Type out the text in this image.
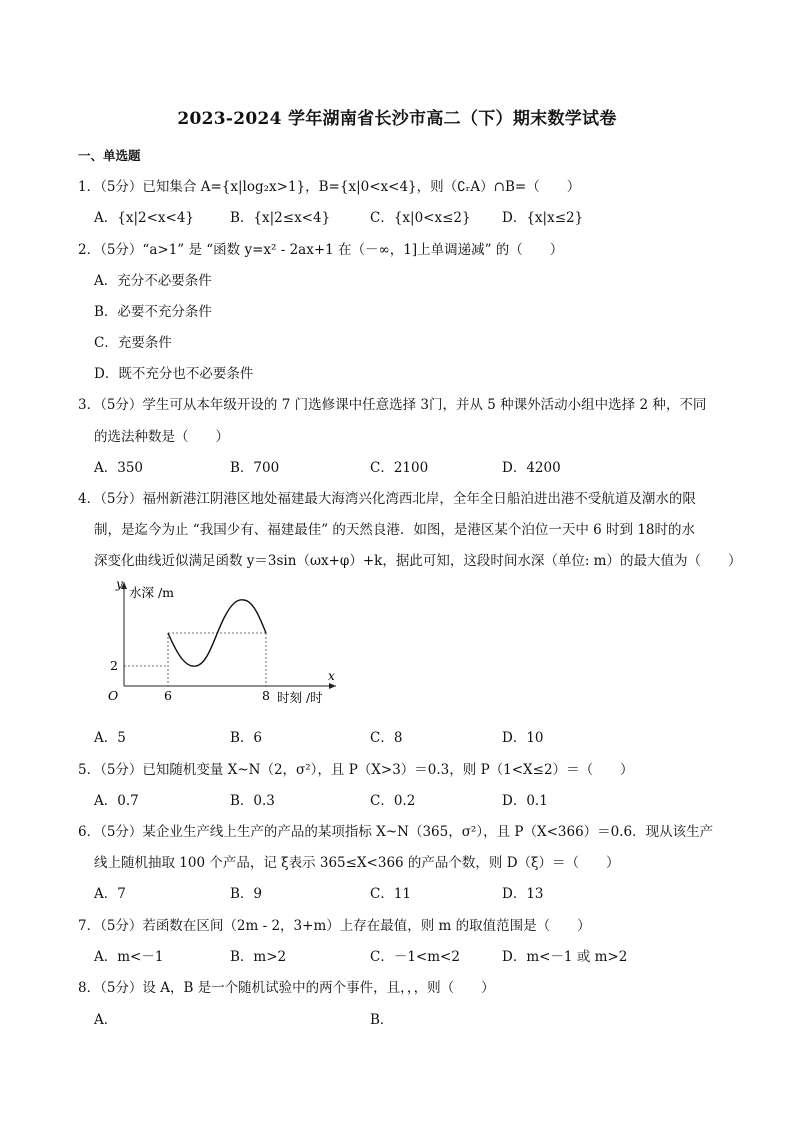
2023-2024 学年湖南省长沙市高二（下）期末数学试卷
一、单选题
1．（5分）已知集合 A={x|log₂x>1}，B={x|0<x<4}，则（∁ᵣA）∩B=（　　）
A．{x|2<x<4}	B．{x|2≤x<4}	C．{x|0<x≤2} D．{x|x≤2}
2．（5分）“a>1” 是 “函数 y=x² - 2ax+1 在（－∞，1]上单调递减” 的（　　）
A．充分不必要条件
B．必要不充分条件
C．充要条件
D．既不充分也不必要条件
3．（5分）学生可从本年级开设的 7 门选修课中任意选择 3门，并从 5 种课外活动小组中选择 2 种，不同
的选法种数是（　　）
A．350	B．700	C．2100	D．4200
4．（5分）福州新港江阴港区地处福建最大海湾兴化湾西北岸，全年全日船泊进出港不受航道及潮水的限
制，是迄今为止 “我国少有、福建最佳” 的天然良港．如图，是港区某个泊位一天中 6 时到 18时的水
深变化曲线近似满足函数 y＝3sin（ωx+φ）+k，据此可知，这段时间水深（单位: m）的最大值为（　　）
y
水深 /m
x
时刻 /时
O
2
6	8
A．5	B．6	C．8	D．10
5．（5分）已知随机变量 X~N（2，σ²），且 P（X>3）＝0.3，则 P（1<X≤2）＝（　　）
A．0.7	B．0.3	C．0.2	D．0.1
6．（5分）某企业生产线上生产的产品的某项指标 X~N（365，σ²），且 P（X<366）＝0.6．现从该生产
线上随机抽取 100 个产品，记 ξ表示 365≤X<366 的产品个数，则 D（ξ）＝（　　）
A．7	B．9	C．11	D．13
7．（5分）若函数在区间（2m - 2，3+m）上存在最值，则 m 的取值范围是（　　）
A．m<－1	B．m>2	C．－1<m<2	D．m<－1 或 m>2
8．（5分）设 A，B 是一个随机试验中的两个事件，且，，，则（　　）
A．	B．
